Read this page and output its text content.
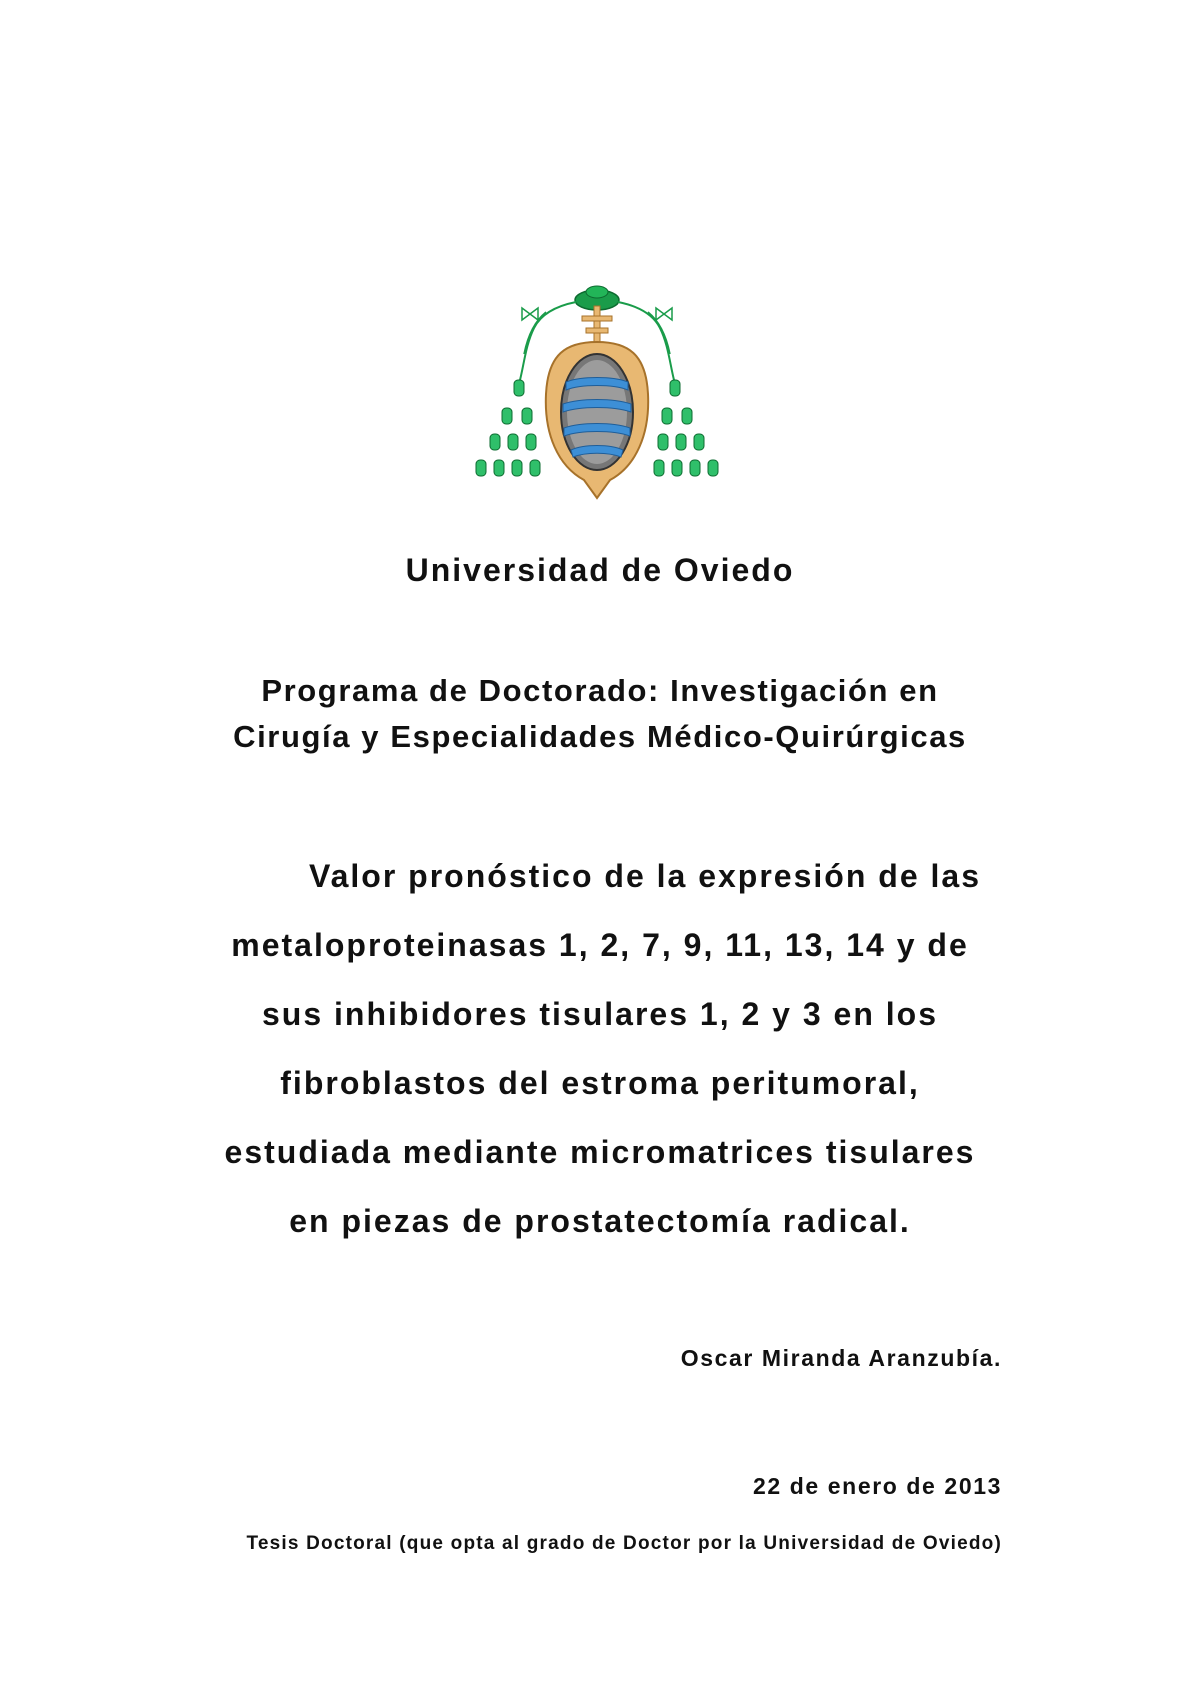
Universidad de Oviedo
Programa de Doctorado: Investigación en
Cirugía y Especialidades Médico-Quirúrgicas
Valor pronóstico de la expresión de las
metaloproteinasas 1, 2, 7, 9, 11, 13, 14 y de
sus inhibidores tisulares 1, 2 y 3 en los
fibroblastos del estroma peritumoral,
estudiada mediante micromatrices tisulares
en piezas de prostatectomía radical.
Oscar Miranda Aranzubía.
22 de enero de 2013
Tesis Doctoral (que opta al grado de Doctor por la Universidad de Oviedo)
